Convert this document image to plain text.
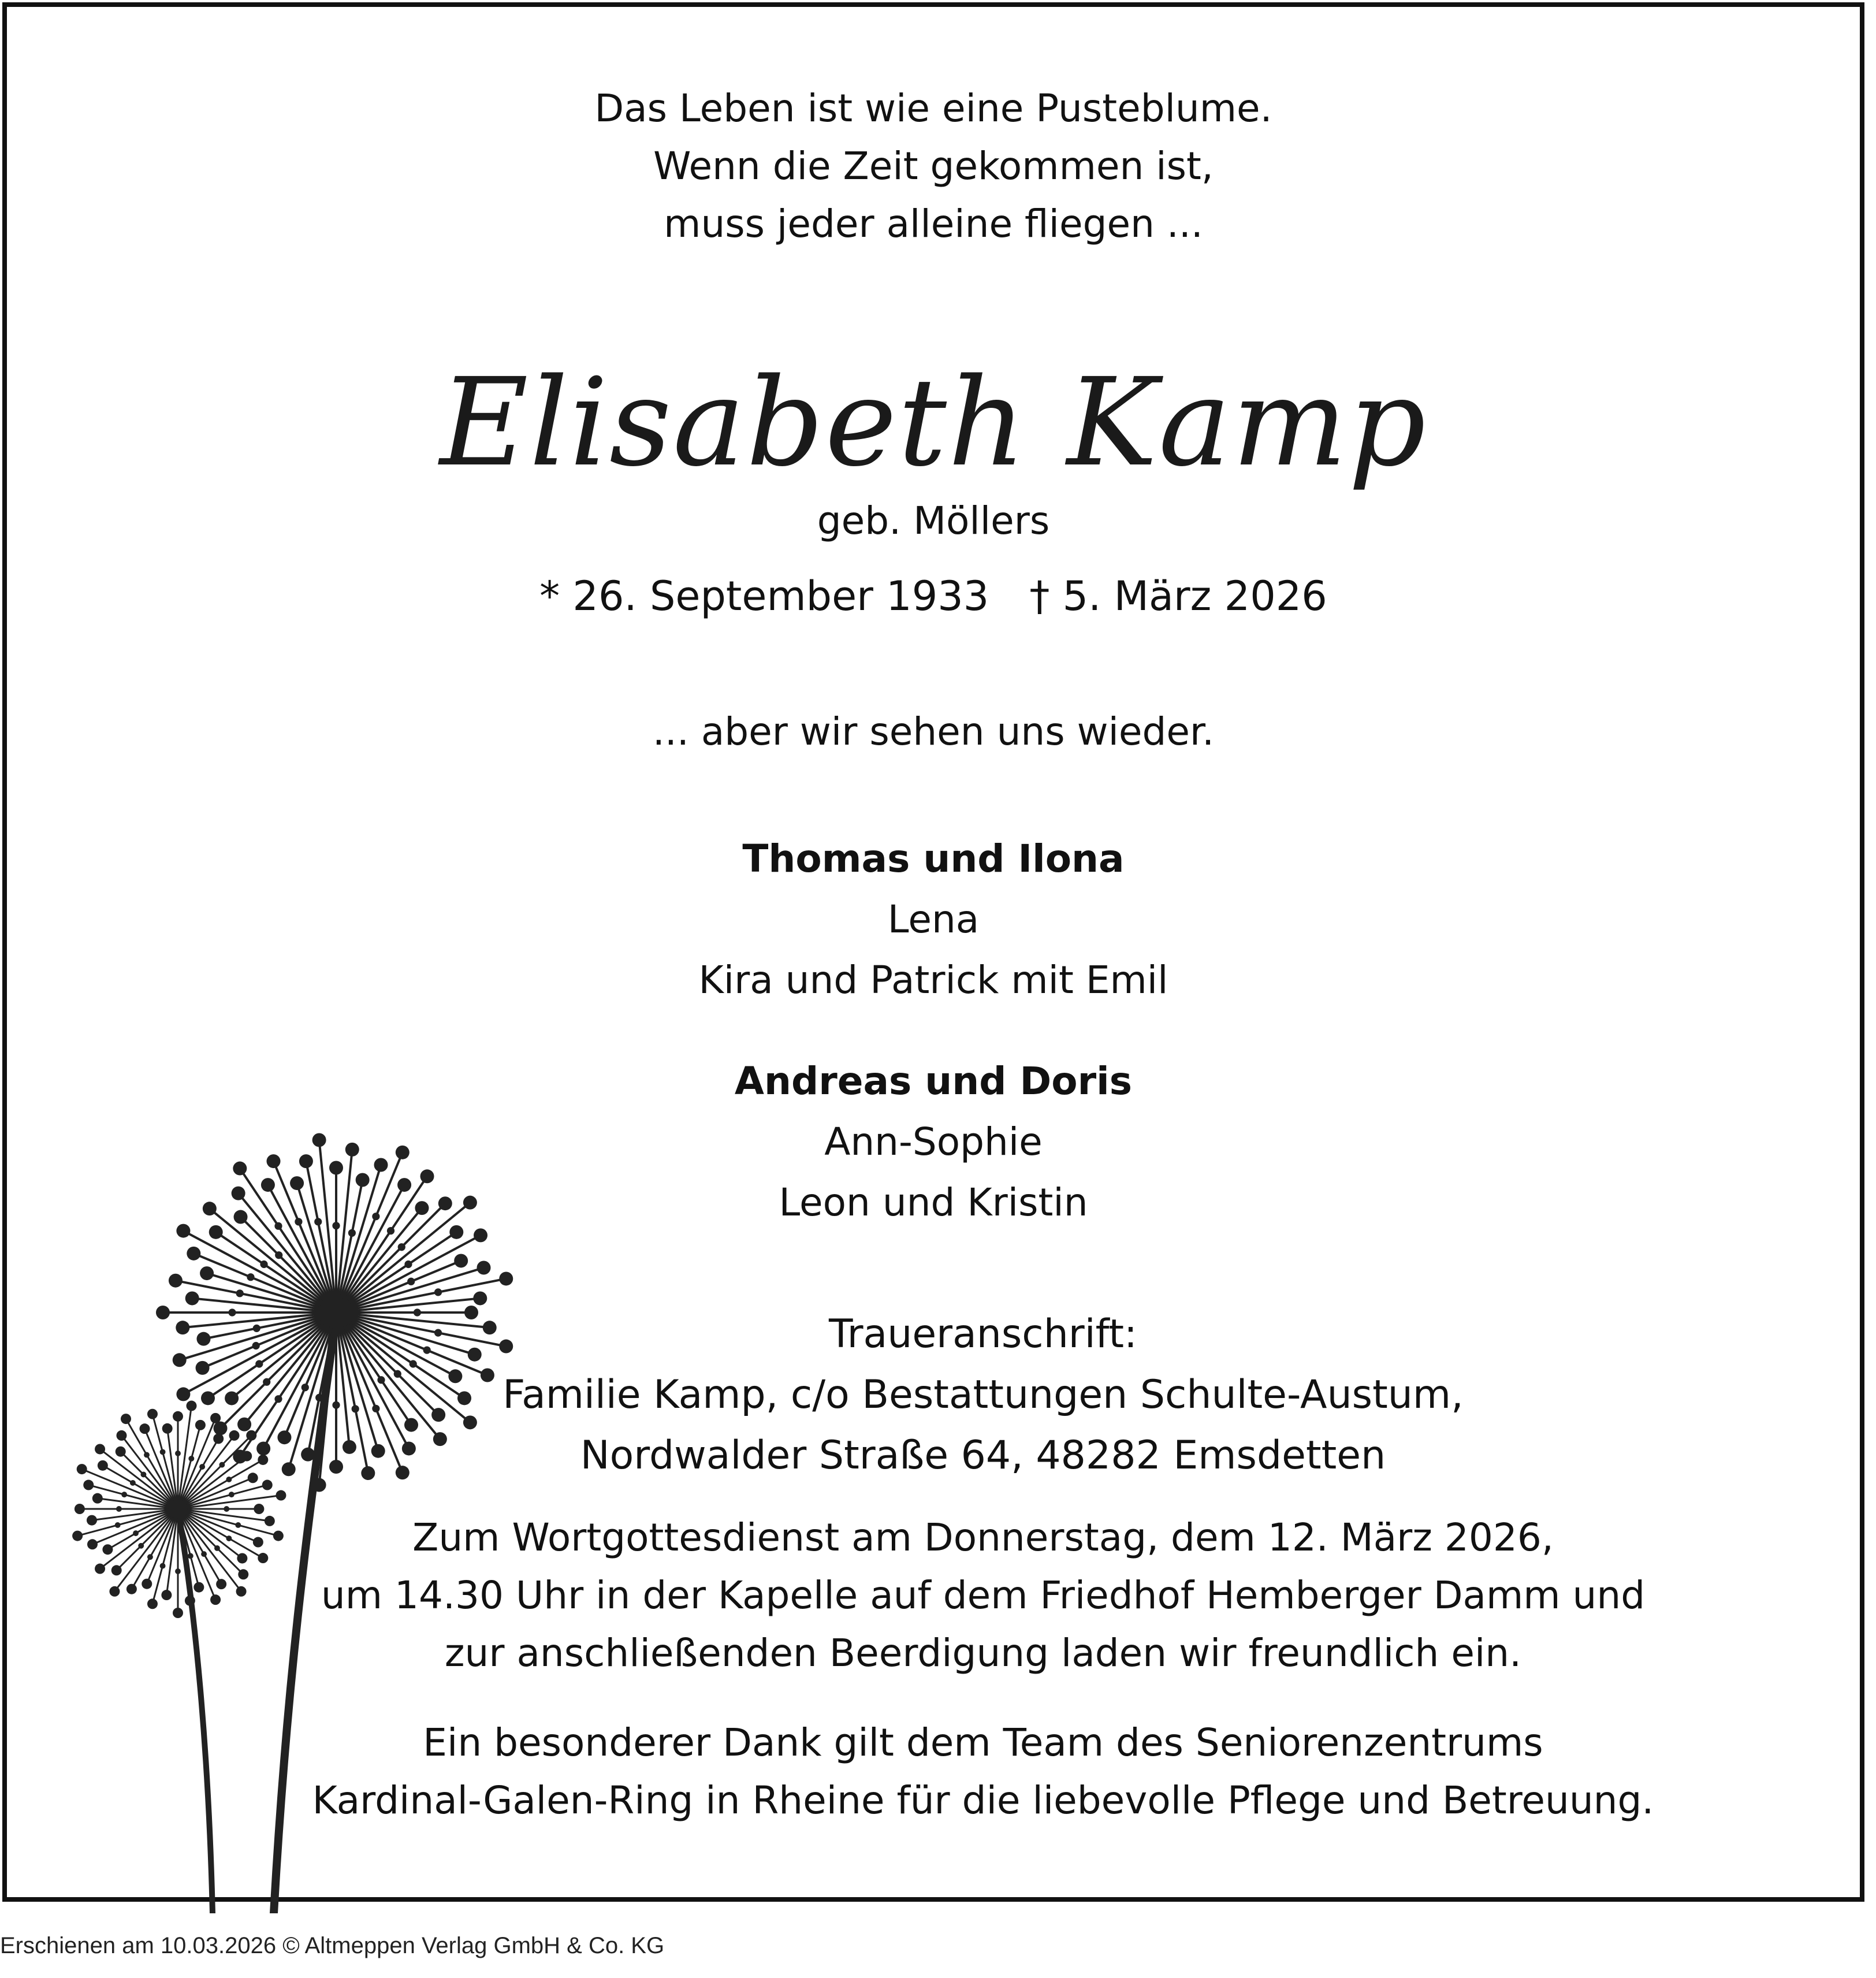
Das Leben ist wie eine Pusteblume.
Wenn die Zeit gekommen ist,
muss jeder alleine fliegen ...
Elisabeth Kamp
geb. Möllers
* 26. September 1933 † 5. März 2026
... aber wir sehen uns wieder.
Thomas und Ilona
Lena
Kira und Patrick mit Emil
Andreas und Doris
Ann-Sophie
Leon und Kristin
Traueranschrift:
Familie Kamp, c/o Bestattungen Schulte-Austum,
Nordwalder Straße 64, 48282 Emsdetten
Zum Wortgottesdienst am Donnerstag, dem 12. März 2026,
um 14.30 Uhr in der Kapelle auf dem Friedhof Hemberger Damm und
zur anschließenden Beerdigung laden wir freundlich ein.
Ein besonderer Dank gilt dem Team des Seniorenzentrums
Kardinal-Galen-Ring in Rheine für die liebevolle Pflege und Betreuung.
Erschienen am 10.03.2026 © Altmeppen Verlag GmbH & Co. KG
